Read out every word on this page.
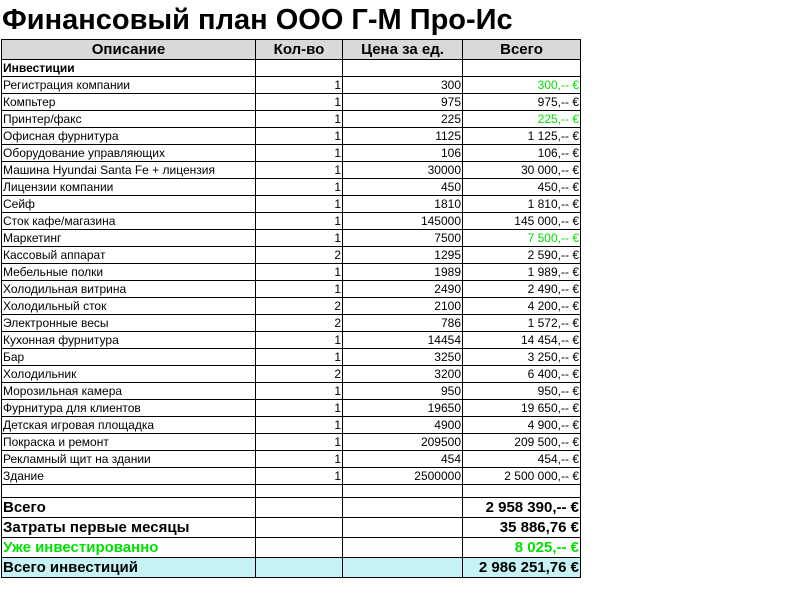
Финансовый план ООО Г-М Про-Ис
Описание	Кол-во	Цена за ед.	Всего
Инвестиции			
Регистрация компании	1	300	300,-- €
Компьтер	1	975	975,-- €
Принтер/факс	1	225	225,-- €
Офисная фурнитура	1	1125	1 125,-- €
Оборудование управляющих	1	106	106,-- €
Машина Hyundai Santa Fe + лицензия	1	30000	30 000,-- €
Лицензии компании	1	450	450,-- €
Сейф	1	1810	1 810,-- €
Сток кафе/магазина	1	145000	145 000,-- €
Маркетинг	1	7500	7 500,-- €
Кассовый аппарат	2	1295	2 590,-- €
Мебельные полки	1	1989	1 989,-- €
Холодильная витрина	1	2490	2 490,-- €
Холодильный сток	2	2100	4 200,-- €
Электронные весы	2	786	1 572,-- €
Кухонная фурнитура	1	14454	14 454,-- €
Бар	1	3250	3 250,-- €
Холодильник	2	3200	6 400,-- €
Морозильная камера	1	950	950,-- €
Фурнитура для клиентов	1	19650	19 650,-- €
Детская игровая площадка	1	4900	4 900,-- €
Покраска и ремонт	1	209500	209 500,-- €
Рекламный щит на здании	1	454	454,-- €
Здание	1	2500000	2 500 000,-- €

Всего			2 958 390,-- €
Затраты первые месяцы			35 886,76 €
Уже инвестированно			8 025,-- €
Всего инвестиций			2 986 251,76 €
